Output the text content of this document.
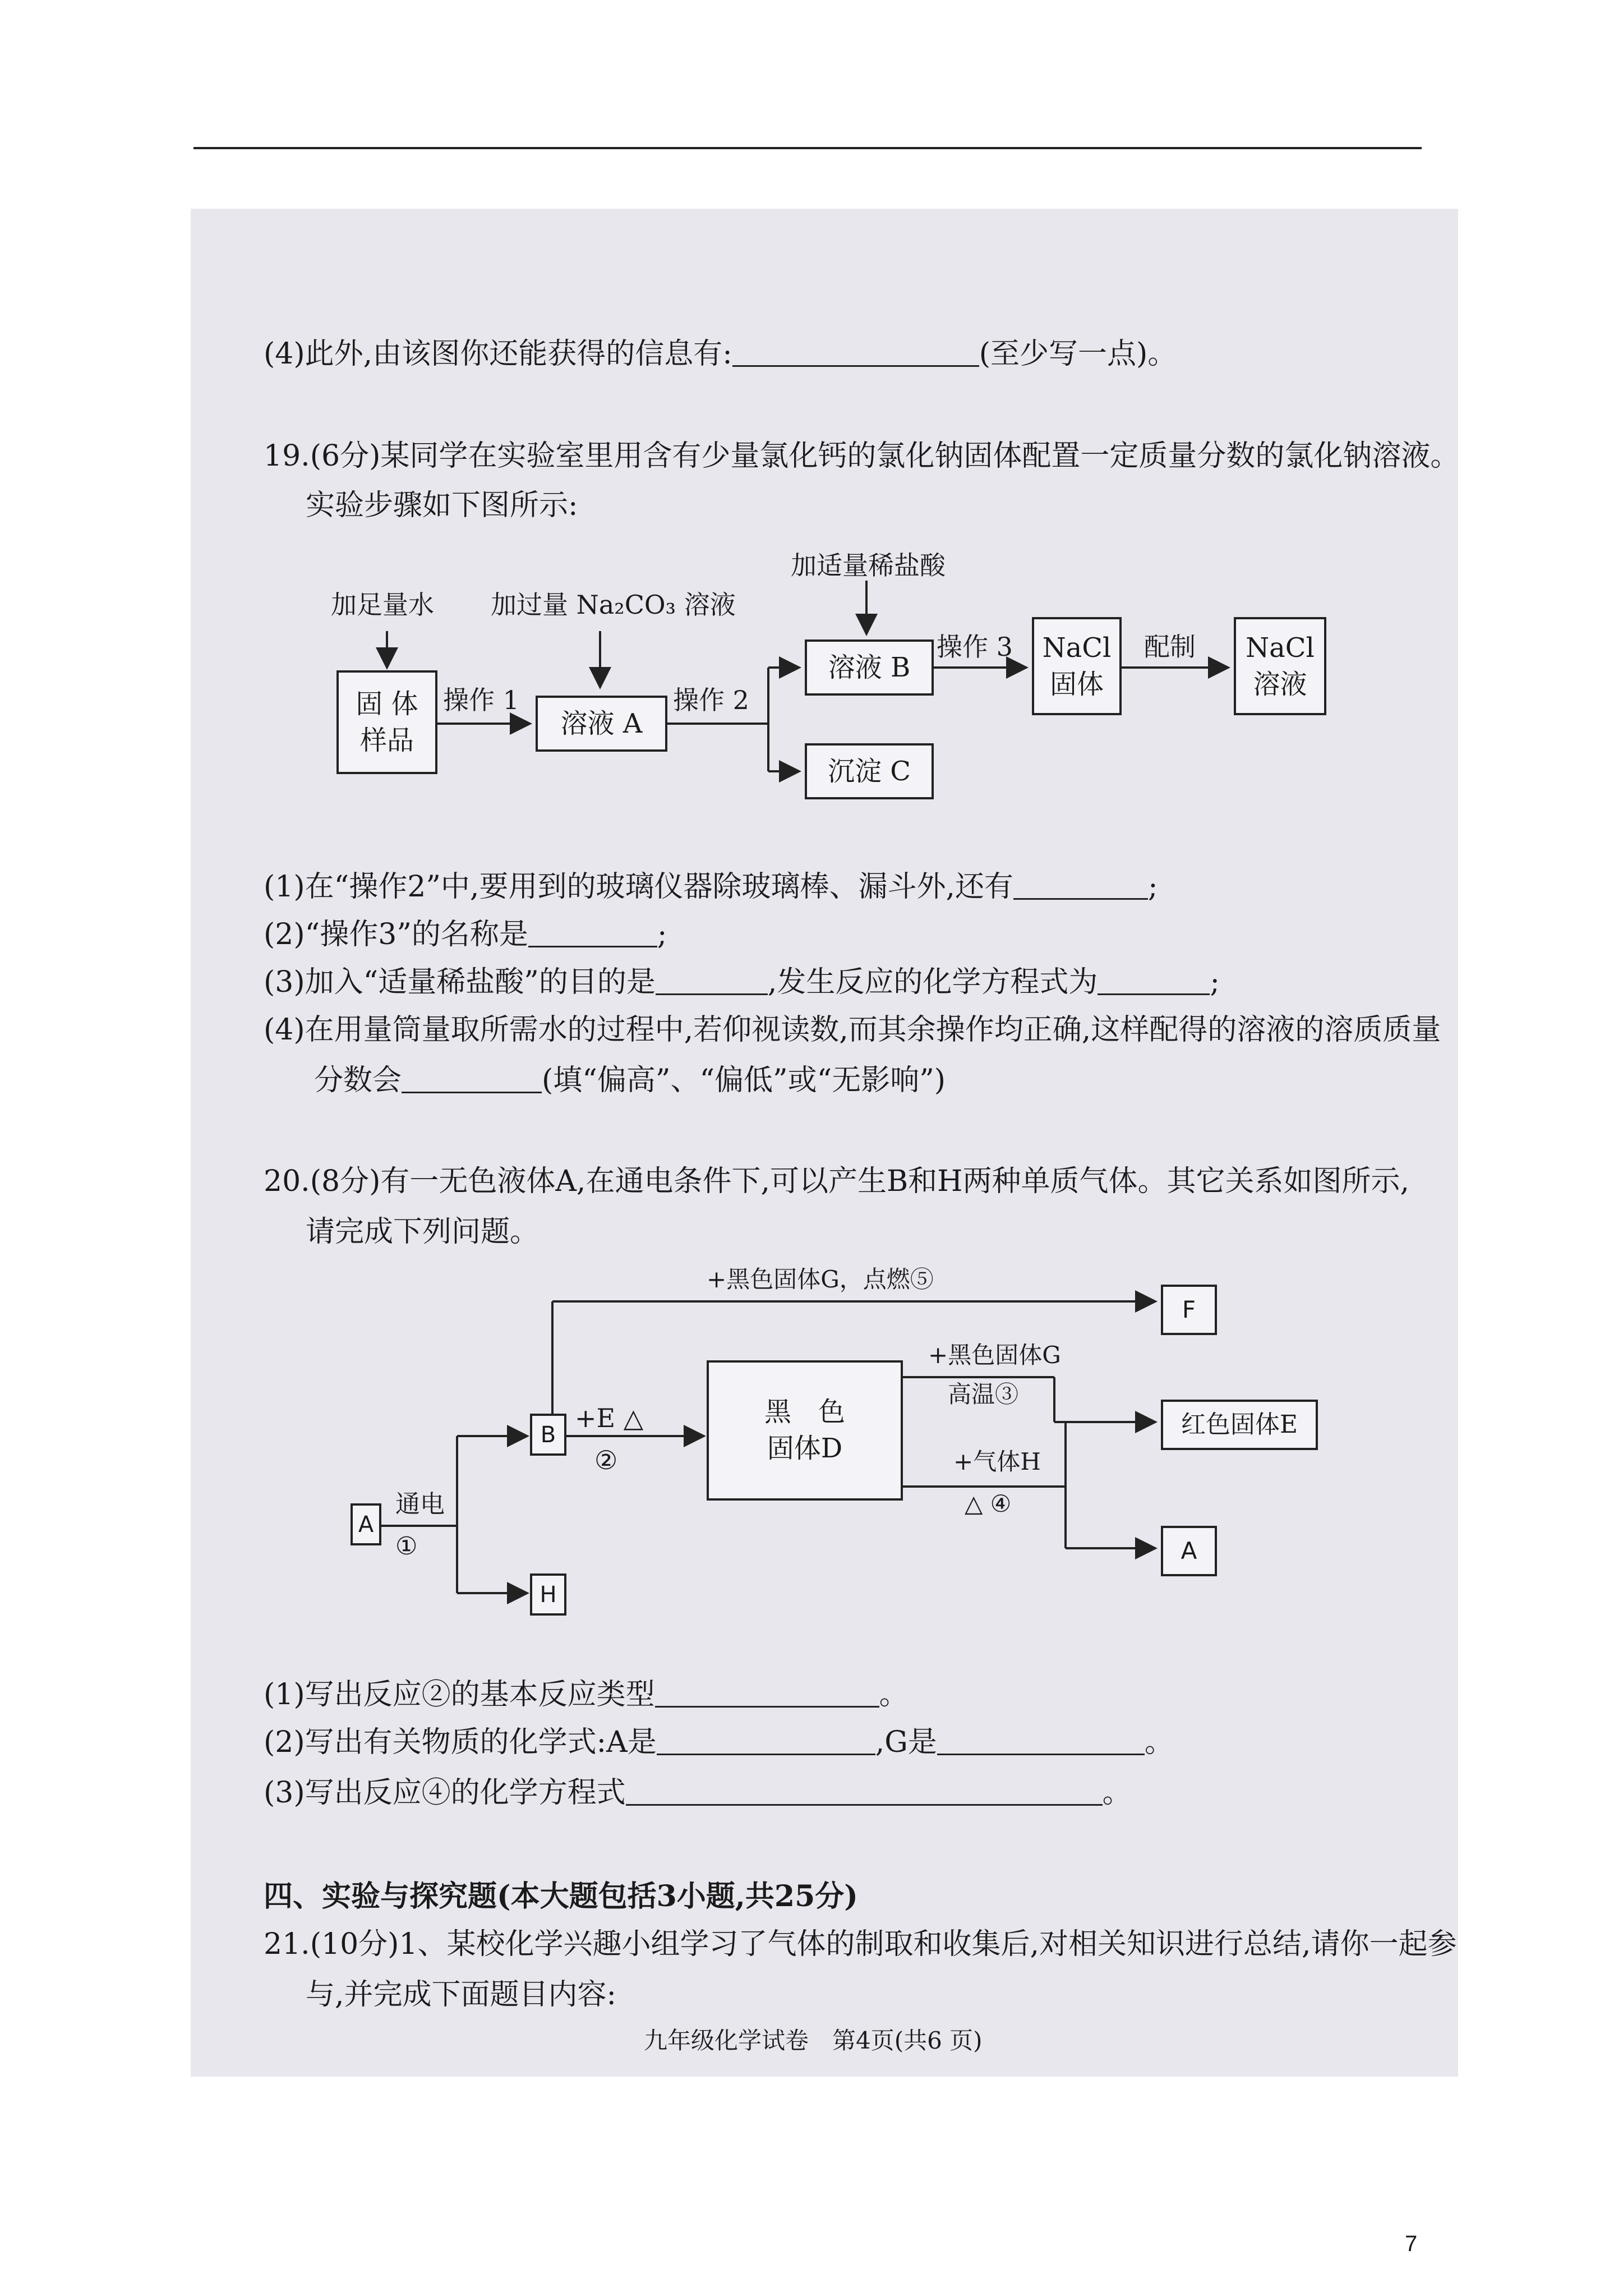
(4)此外,由该图你还能获得的信息有:	(至少写一点)。
19.(6分)某同学在实验室里用含有少量氯化钙的氯化钠固体配置一定质量分数的氯化钠溶液。
实验步骤如下图所示:
加足量水 加过量 Na₂CO₃ 溶液
加适量稀盐酸
固 体
样品
操作 1
溶液 A
操作 2
溶液 B
沉淀 C
操作 3	NaCl
固体
配制	NaCl
溶液
(1)在“操作2”中,要用到的玻璃仪器除玻璃棒、漏斗外,还有	;
(2)“操作3”的名称是	;
(3)加入“适量稀盐酸”的目的是	,发生反应的化学方程式为	;
(4)在用量筒量取所需水的过程中,若仰视读数,而其余操作均正确,这样配得的溶液的溶质质量
分数会	(填“偏高”、“偏低”或“无影响”)
20.(8分)有一无色液体A,在通电条件下,可以产生B和H两种单质气体。其它关系如图所示,
请完成下列问题。
+黑色固体G，点燃⑤
F
A
通电
①
B
H
+E △
②
黑　色
固体D
+黑色固体G
高温③
红色固体E
+气体H
△ ④
A
(1)写出反应②的基本反应类型	。
(2)写出有关物质的化学式:A是	,G是	。
(3)写出反应④的化学方程式	。
四、实验与探究题(本大题包括3小题,共25分)
21.(10分)1、某校化学兴趣小组学习了气体的制取和收集后,对相关知识进行总结,请你一起参
与,并完成下面题目内容:
九年级化学试卷　第4页(共6 页)
7
